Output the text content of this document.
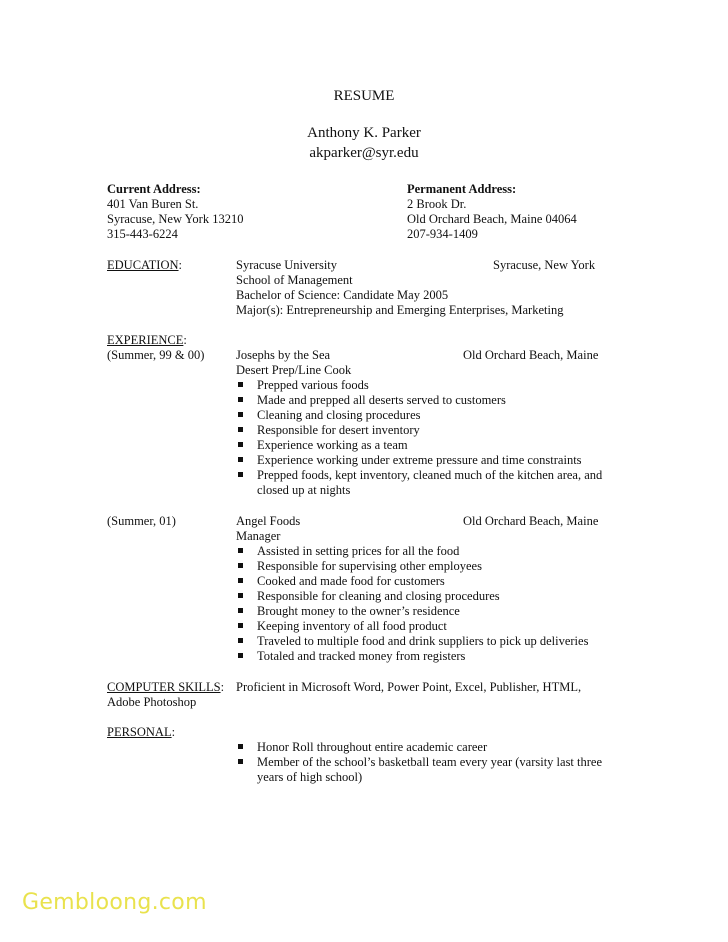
RESUME
Anthony K. Parker
akparker@syr.edu
Current Address:
401 Van Buren St.
Syracuse, New York 13210
315-443-6224
Permanent Address:
2 Brook Dr.
Old Orchard Beach, Maine 04064
207-934-1409
EDUCATION:	Syracuse University	Syracuse, New York
School of Management
Bachelor of Science: Candidate May 2005
Major(s): Entrepreneurship and Emerging Enterprises, Marketing
EXPERIENCE:
(Summer, 99 & 00)	Josephs by the Sea	Old Orchard Beach, Maine
Desert Prep/Line Cook
Prepped various foods
Made and prepped all deserts served to customers
Cleaning and closing procedures
Responsible for desert inventory
Experience working as a team
Experience working under extreme pressure and time constraints
Prepped foods, kept inventory, cleaned much of the kitchen area, and closed up at nights
(Summer, 01)	Angel Foods	Old Orchard Beach, Maine
Manager
Assisted in setting prices for all the food
Responsible for supervising other employees
Cooked and made food for customers
Responsible for cleaning and closing procedures
Brought money to the owner’s residence
Keeping inventory of all food product
Traveled to multiple food and drink suppliers to pick up deliveries
Totaled and tracked money from registers
COMPUTER SKILLS: Proficient in Microsoft Word, Power Point, Excel, Publisher, HTML,
Adobe Photoshop
PERSONAL:
Honor Roll throughout entire academic career
Member of the school’s basketball team every year (varsity last three years of high school)
Gembloong.com
